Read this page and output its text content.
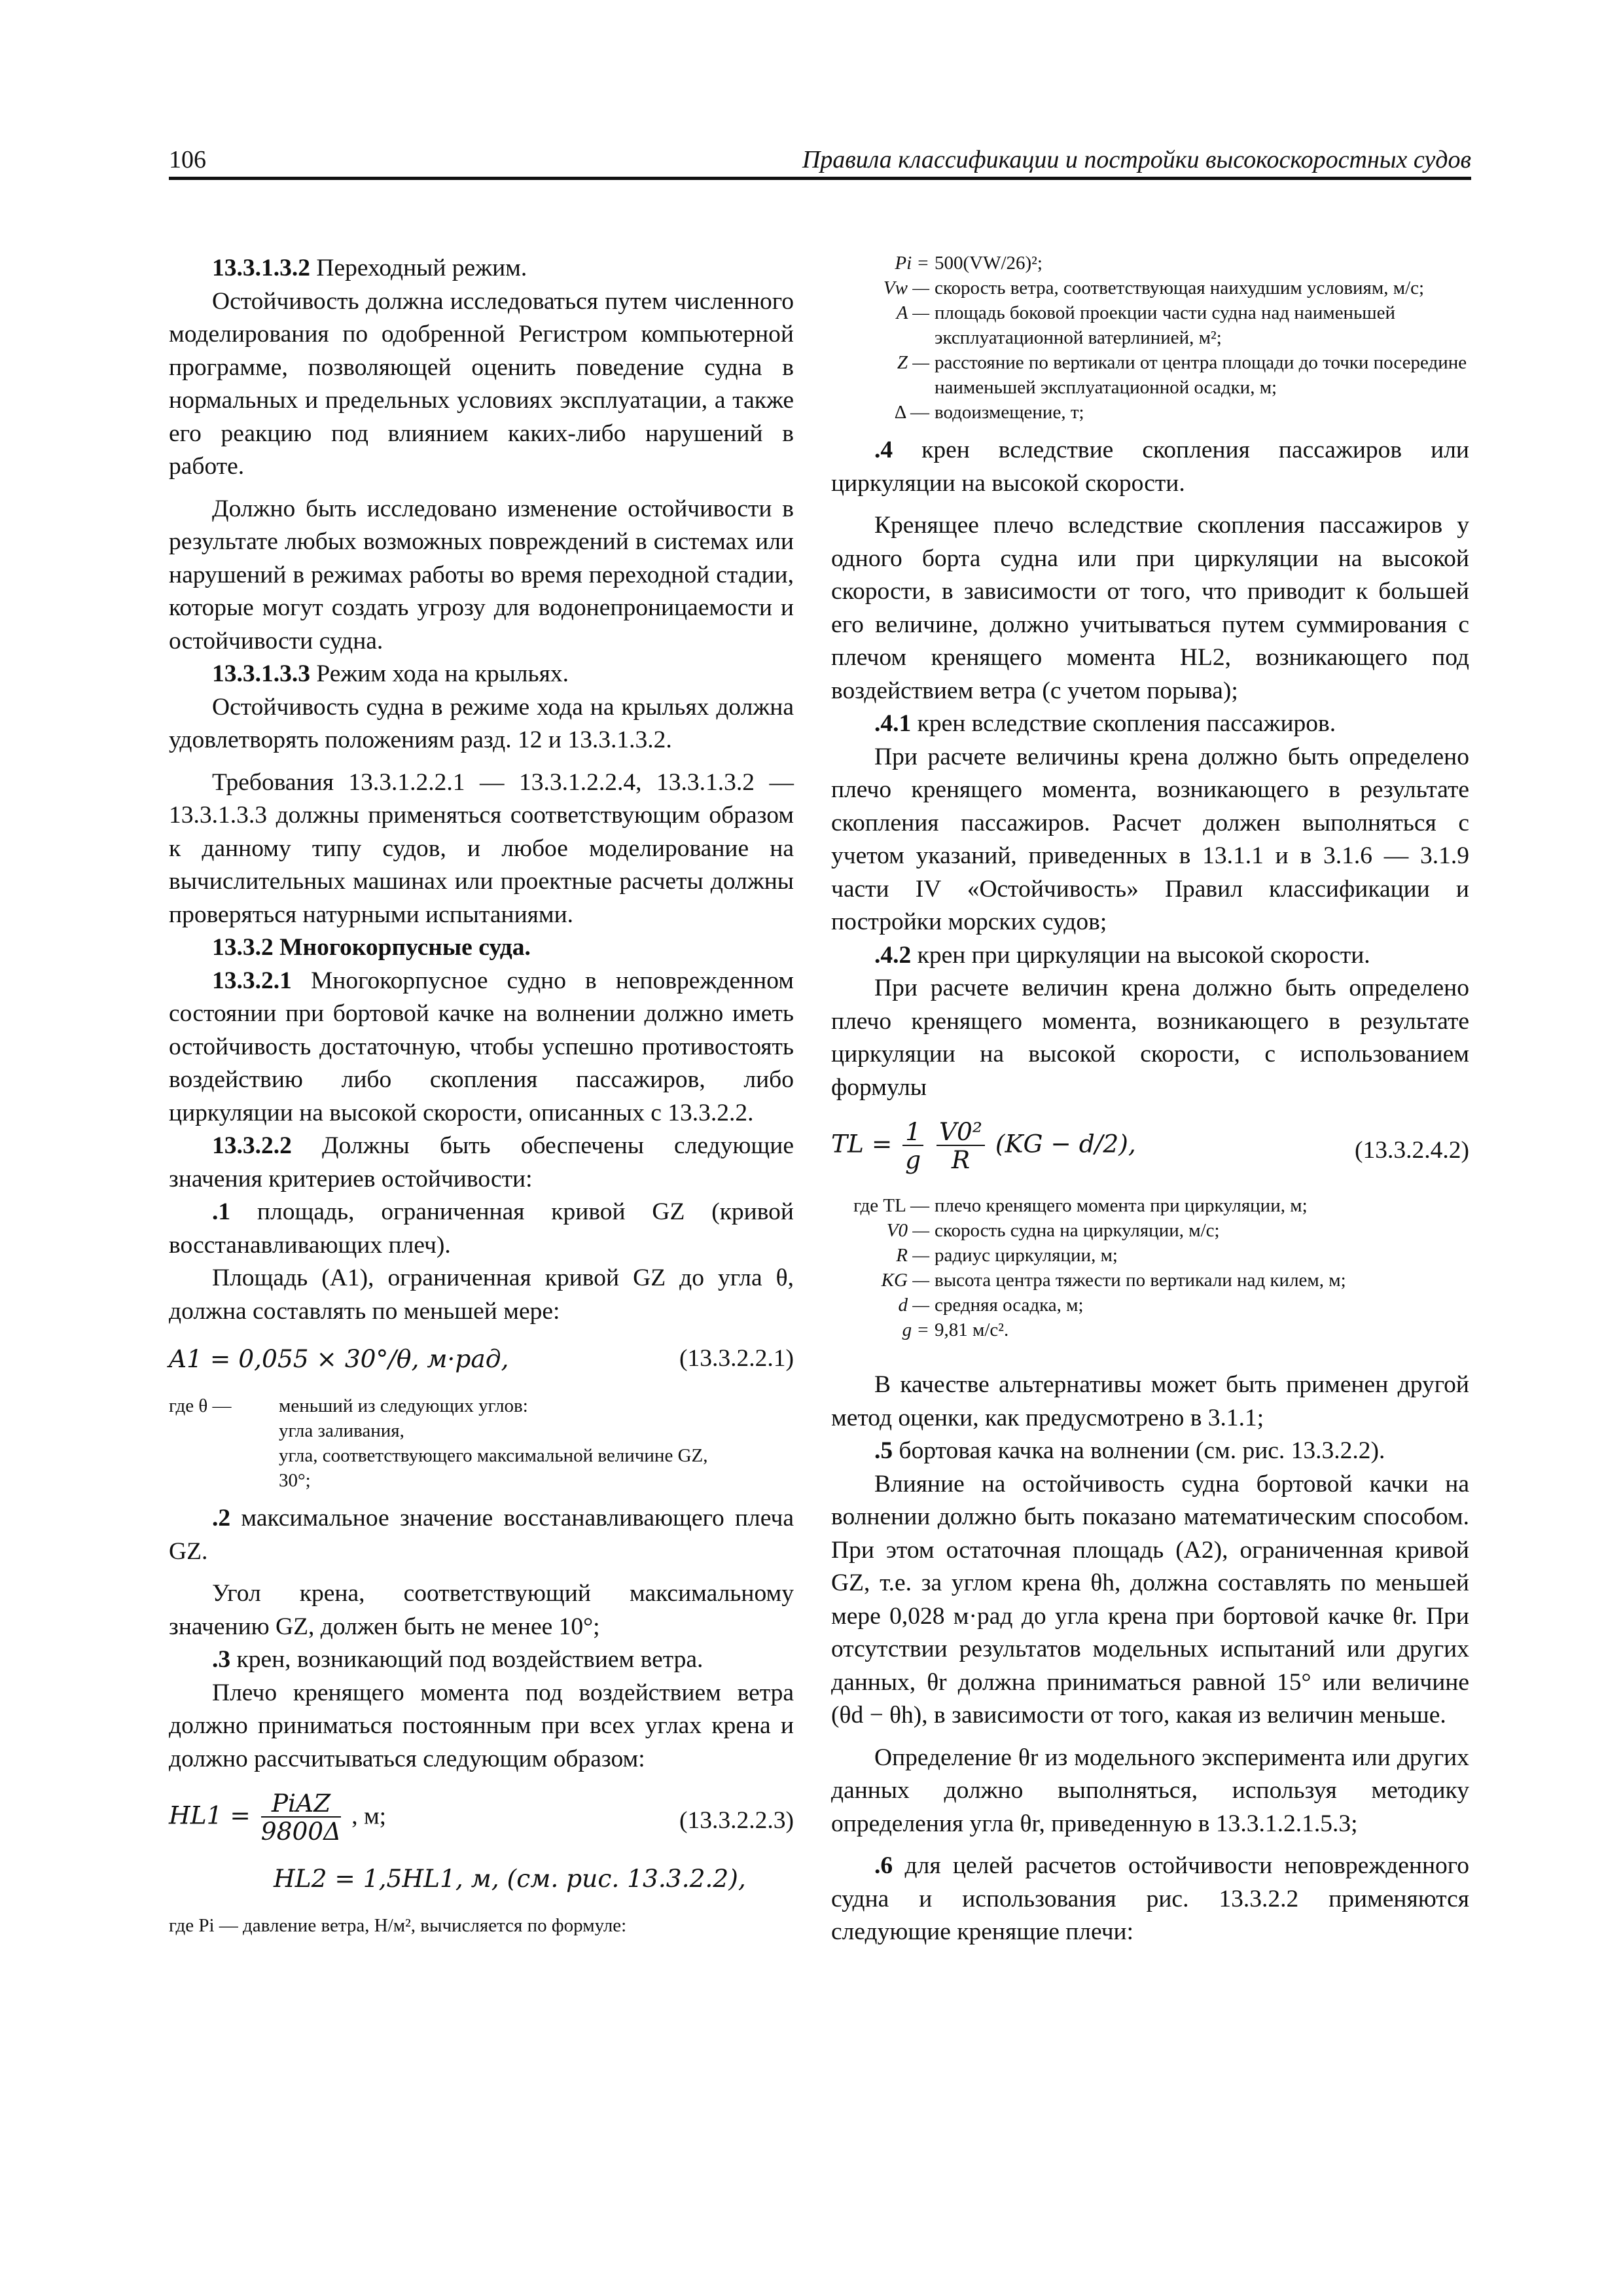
106	Правила классификации и постройки высокоскоростных судов

13.3.1.3.2 Переходный режим.

Остойчивость должна исследоваться путем численного моделирования по одобренной Регистром компьютерной программе, позволяющей оценить поведение судна в нормальных и предельных условиях эксплуатации, а также его реакцию под влиянием каких-либо нарушений в работе.

Должно быть исследовано изменение остойчивости в результате любых возможных повреждений в системах или нарушений в режимах работы во время переходной стадии, которые могут создать угрозу для водонепроницаемости и остойчивости судна.

13.3.1.3.3 Режим хода на крыльях.

Остойчивость судна в режиме хода на крыльях должна удовлетворять положениям разд. 12 и 13.3.1.3.2.

Требования 13.3.1.2.2.1 — 13.3.1.2.2.4, 13.3.1.3.2 — 13.3.1.3.3 должны применяться соответствующим образом к данному типу судов, и любое моделирование на вычислительных машинах или проектные расчеты должны проверяться натурными испытаниями.

13.3.2 Многокорпусные суда.

13.3.2.1 Многокорпусное судно в неповрежденном состоянии при бортовой качке на волнении должно иметь остойчивость достаточную, чтобы успешно противостоять воздействию либо скопления пассажиров, либо циркуляции на высокой скорости, описанных с 13.3.2.2.

13.3.2.2 Должны быть обеспечены следующие значения критериев остойчивости:

.1 площадь, ограниченная кривой GZ (кривой восстанавливающих плеч).

Площадь (A1), ограниченная кривой GZ до угла θ, должна составлять по меньшей мере:

A1 = 0,055 × 30°/θ, м·рад,	(13.3.2.2.1)
где θ —	меньший из следующих углов:
угла заливания,
угла, соответствующего максимальной величине GZ,
30°;

.2 максимальное значение восстанавливающего плеча GZ.

Угол крена, соответствующий максимальному значению GZ, должен быть не менее 10°;

.3 крен, возникающий под воздействием ветра.

Плечо кренящего момента под воздействием ветра должно приниматься постоянным при всех углах крена и должно рассчитываться следующим образом:

$HL1 = \frac{\text{PiAZ}}{9800\Delta}$ , м;	(13.3.2.2.3)
HL2 = 1,5HL1, м, (см. рис. 13.3.2.2),
где Pi — давление ветра, Н/м², вычисляется по формуле:
Pi = 500(VW/26)²;
Vw — скорость ветра, соответствующая наихудшим условиям, м/с;
A — площадь боковой проекции части судна над наименьшей эксплуатационной ватерлинией, м²;
Z — расстояние по вертикали от центра площади до точки посередине наименьшей эксплуатационной осадки, м;
Δ — водоизмещение, т;

.4 крен вследствие скопления пассажиров или циркуляции на высокой скорости.

Кренящее плечо вследствие скопления пассажиров у одного борта судна или при циркуляции на высокой скорости, в зависимости от того, что приводит к большей его величине, должно учитываться путем суммирования с плечом кренящего момента HL2, возникающего под воздействием ветра (с учетом порыва);

.4.1 крен вследствие скопления пассажиров.

При расчете величины крена должно быть определено плечо кренящего момента, возникающего в результате скопления пассажиров. Расчет должен выполняться с учетом указаний, приведенных в 13.1.1 и в 3.1.6 — 3.1.9 части IV «Остойчивость» Правил классификации и постройки морских судов;

.4.2 крен при циркуляции на высокой скорости.

При расчете величин крена должно быть определено плечо кренящего момента, возникающего в результате циркуляции на высокой скорости, с использованием формулы

TL = $\frac{1}{g}$
$\frac{\text{V0²}}{R} (KG - d/2)$,	(13.3.2.4.2)
где TL — плечо кренящего момента при циркуляции, м;
V0 — скорость судна на циркуляции, м/с;
R — радиус циркуляции, м;
KG — высота центра тяжести по вертикали над килем, м;
d — средняя осадка, м;
g = 9,81 м/с².

В качестве альтернативы может быть применен другой метод оценки, как предусмотрено в 3.1.1;

.5 бортовая качка на волнении (см. рис. 13.3.2.2).

Влияние на остойчивость судна бортовой качки на волнении должно быть показано математическим способом. При этом остаточная площадь (A2), ограниченная кривой GZ, т.е. за углом крена θh, должна составлять по меньшей мере 0,028 м·рад до угла крена при бортовой качке θr. При отсутствии результатов модельных испытаний или других данных, θr должна приниматься равной 15° или величине (θd − θh), в зависимости от того, какая из величин меньше.

Определение θr из модельного эксперимента или других данных должно выполняться, используя методику определения угла θr, приведенную в 13.3.1.2.1.5.3;

.6 для целей расчетов остойчивости неповрежденного судна и использования рис. 13.3.2.2 применяются следующие кренящие плечи:
